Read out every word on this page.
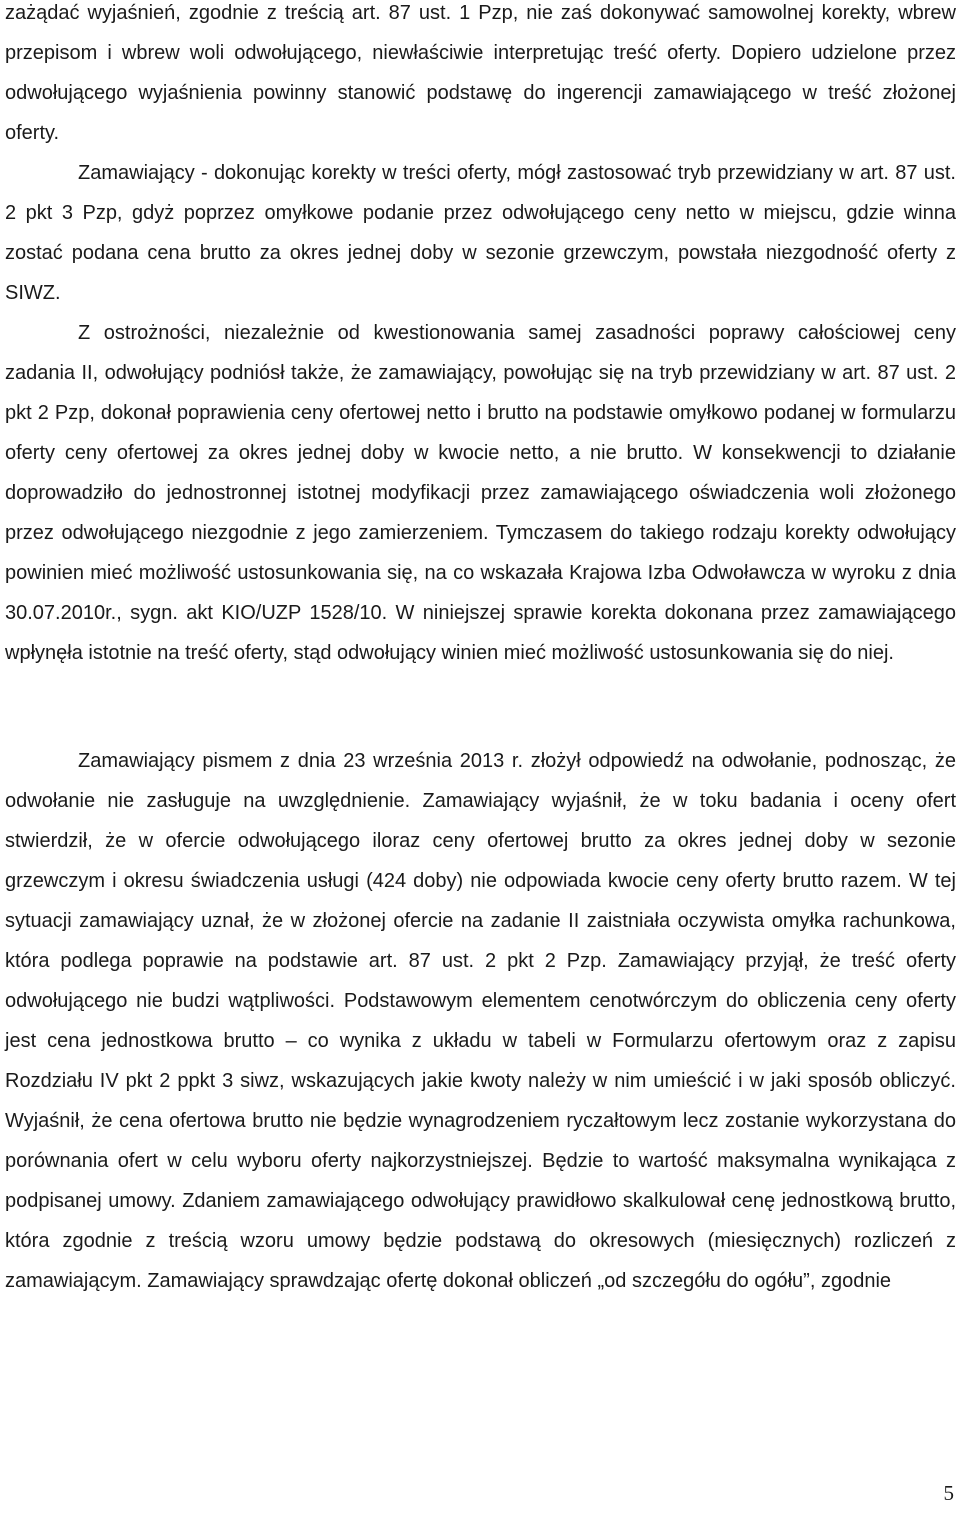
zażądać wyjaśnień, zgodnie z treścią art. 87 ust. 1 Pzp, nie zaś dokonywać samowolnej korekty, wbrew przepisom i wbrew woli odwołującego, niewłaściwie interpretując treść oferty. Dopiero udzielone przez odwołującego wyjaśnienia powinny stanowić podstawę do ingerencji zamawiającego w treść złożonej oferty.

Zamawiający - dokonując korekty w treści oferty, mógł zastosować tryb przewidziany w art. 87 ust. 2 pkt 3 Pzp, gdyż poprzez omyłkowe podanie przez odwołującego ceny netto w miejscu, gdzie winna zostać podana cena brutto za okres jednej doby w sezonie grzewczym, powstała niezgodność oferty z SIWZ.

Z ostrożności, niezależnie od kwestionowania samej zasadności poprawy całościowej ceny zadania II, odwołujący podniósł także, że zamawiający, powołując się na tryb przewidziany w art. 87 ust. 2 pkt 2 Pzp, dokonał poprawienia ceny ofertowej netto i brutto na podstawie omyłkowo podanej w formularzu oferty ceny ofertowej za okres jednej doby w kwocie netto, a nie brutto. W konsekwencji to działanie doprowadziło do jednostronnej istotnej modyfikacji przez zamawiającego oświadczenia woli złożonego przez odwołującego niezgodnie z jego zamierzeniem. Tymczasem do takiego rodzaju korekty odwołujący powinien mieć możliwość ustosunkowania się, na co wskazała Krajowa Izba Odwoławcza w wyroku z dnia 30.07.2010r., sygn. akt KIO/UZP 1528/10. W niniejszej sprawie korekta dokonana przez zamawiającego wpłynęła istotnie na treść oferty, stąd odwołujący winien mieć możliwość ustosunkowania się do niej.

Zamawiający pismem z dnia 23 września 2013 r. złożył odpowiedź na odwołanie, podnosząc, że odwołanie nie zasługuje na uwzględnienie. Zamawiający wyjaśnił, że w toku badania i oceny ofert stwierdził, że w ofercie odwołującego iloraz ceny ofertowej brutto za okres jednej doby w sezonie grzewczym i okresu świadczenia usługi (424 doby) nie odpowiada kwocie ceny oferty brutto razem. W tej sytuacji zamawiający uznał, że w złożonej ofercie na zadanie II zaistniała oczywista omyłka rachunkowa, która podlega poprawie na podstawie art. 87 ust. 2 pkt 2 Pzp. Zamawiający przyjął, że treść oferty odwołującego nie budzi wątpliwości. Podstawowym elementem cenotwórczym do obliczenia ceny oferty jest cena jednostkowa brutto – co wynika z układu w tabeli w Formularzu ofertowym oraz z zapisu Rozdziału IV pkt 2 ppkt 3 siwz, wskazujących jakie kwoty należy w nim umieścić i w jaki sposób obliczyć. Wyjaśnił, że cena ofertowa brutto nie będzie wynagrodzeniem ryczałtowym lecz zostanie wykorzystana do porównania ofert w celu wyboru oferty najkorzystniejszej. Będzie to wartość maksymalna wynikająca z podpisanej umowy. Zdaniem zamawiającego odwołujący prawidłowo skalkulował cenę jednostkową brutto, która zgodnie z treścią wzoru umowy będzie podstawą do okresowych (miesięcznych) rozliczeń z zamawiającym. Zamawiający sprawdzając ofertę dokonał obliczeń „od szczegółu do ogółu”, zgodnie

5
